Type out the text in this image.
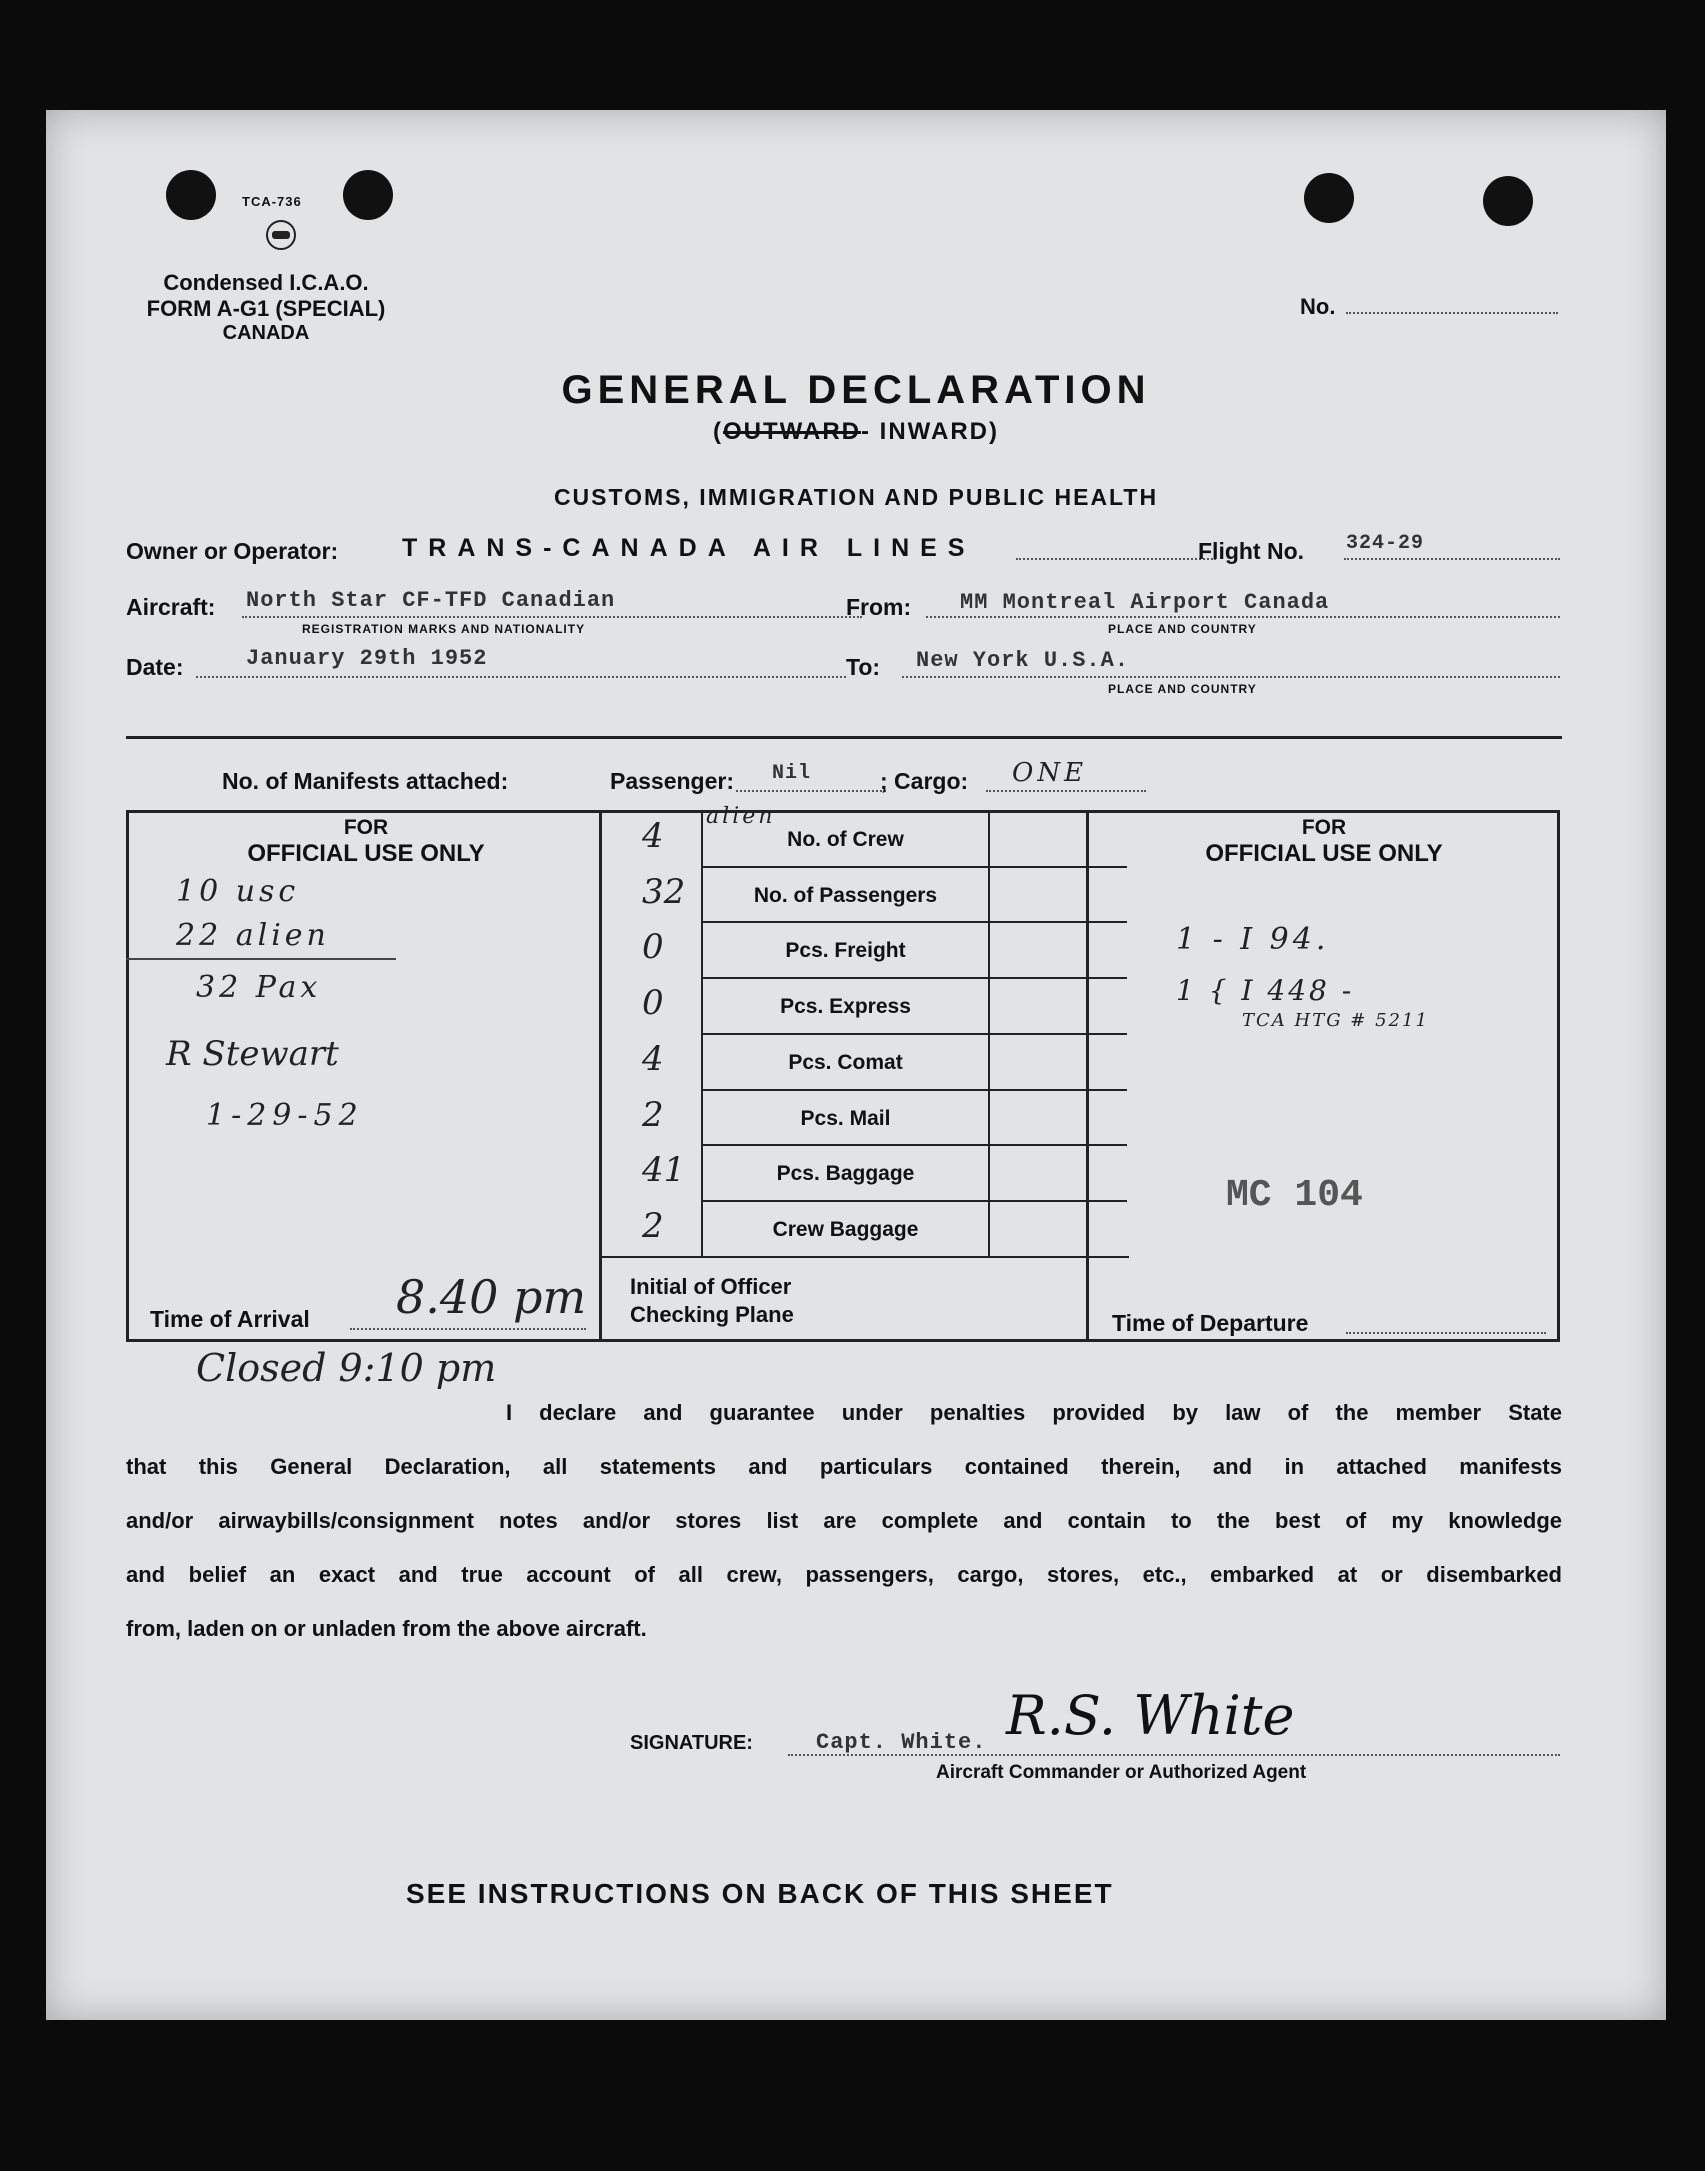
TCA-736
Condensed I.C.A.O.
FORM A-G1 (SPECIAL)
CANADA
No.
GENERAL DECLARATION
(OUTWARD- INWARD)
CUSTOMS, IMMIGRATION AND PUBLIC HEALTH
Owner or Operator:	TRANS-CANADA AIR LINES	Flight No. 324-29
Aircraft: North Star CF-TFD Canadian
REGISTRATION MARKS AND NATIONALITY
From: MM Montreal Airport Canada
PLACE AND COUNTRY
Date:	January 29th 1952	To: New York U.S.A.
PLACE AND COUNTRY
No. of Manifests attached:	Passenger: Nil	; Cargo: ONE
FOR
OFFICIAL USE ONLY
10 usc
22 alien
32 Pax
R Stewart
1-29-52
Time of Arrival 8.40 pm
Closed 9:10 pm
Initial of Officer
Checking Plane
FOR
OFFICIAL USE ONLY
1 - I 94.
1 { I 448 -
TCA HTG # 5211
MC 104
Time of Departure
I declare and guarantee under penalties provided by law of the member State
that this General Declaration, all statements and particulars contained therein, and in attached manifests
and/or airwaybills/consignment notes and/or stores list are complete and contain to the best of my knowledge
and belief an exact and true account of all crew, passengers, cargo, stores, etc., embarked at or disembarked
from, laden on or unladen from the above aircraft.
SIGNATURE:	Capt. White. R.S. White
Aircraft Commander or Authorized Agent
SEE INSTRUCTIONS ON BACK OF THIS SHEET
4	No. of Crew
alien
32	No. of Passengers
0	Pcs. Freight
0	Pcs. Express
4	Pcs. Comat
2	Pcs. Mail
41	Pcs. Baggage
2	Crew Baggage
